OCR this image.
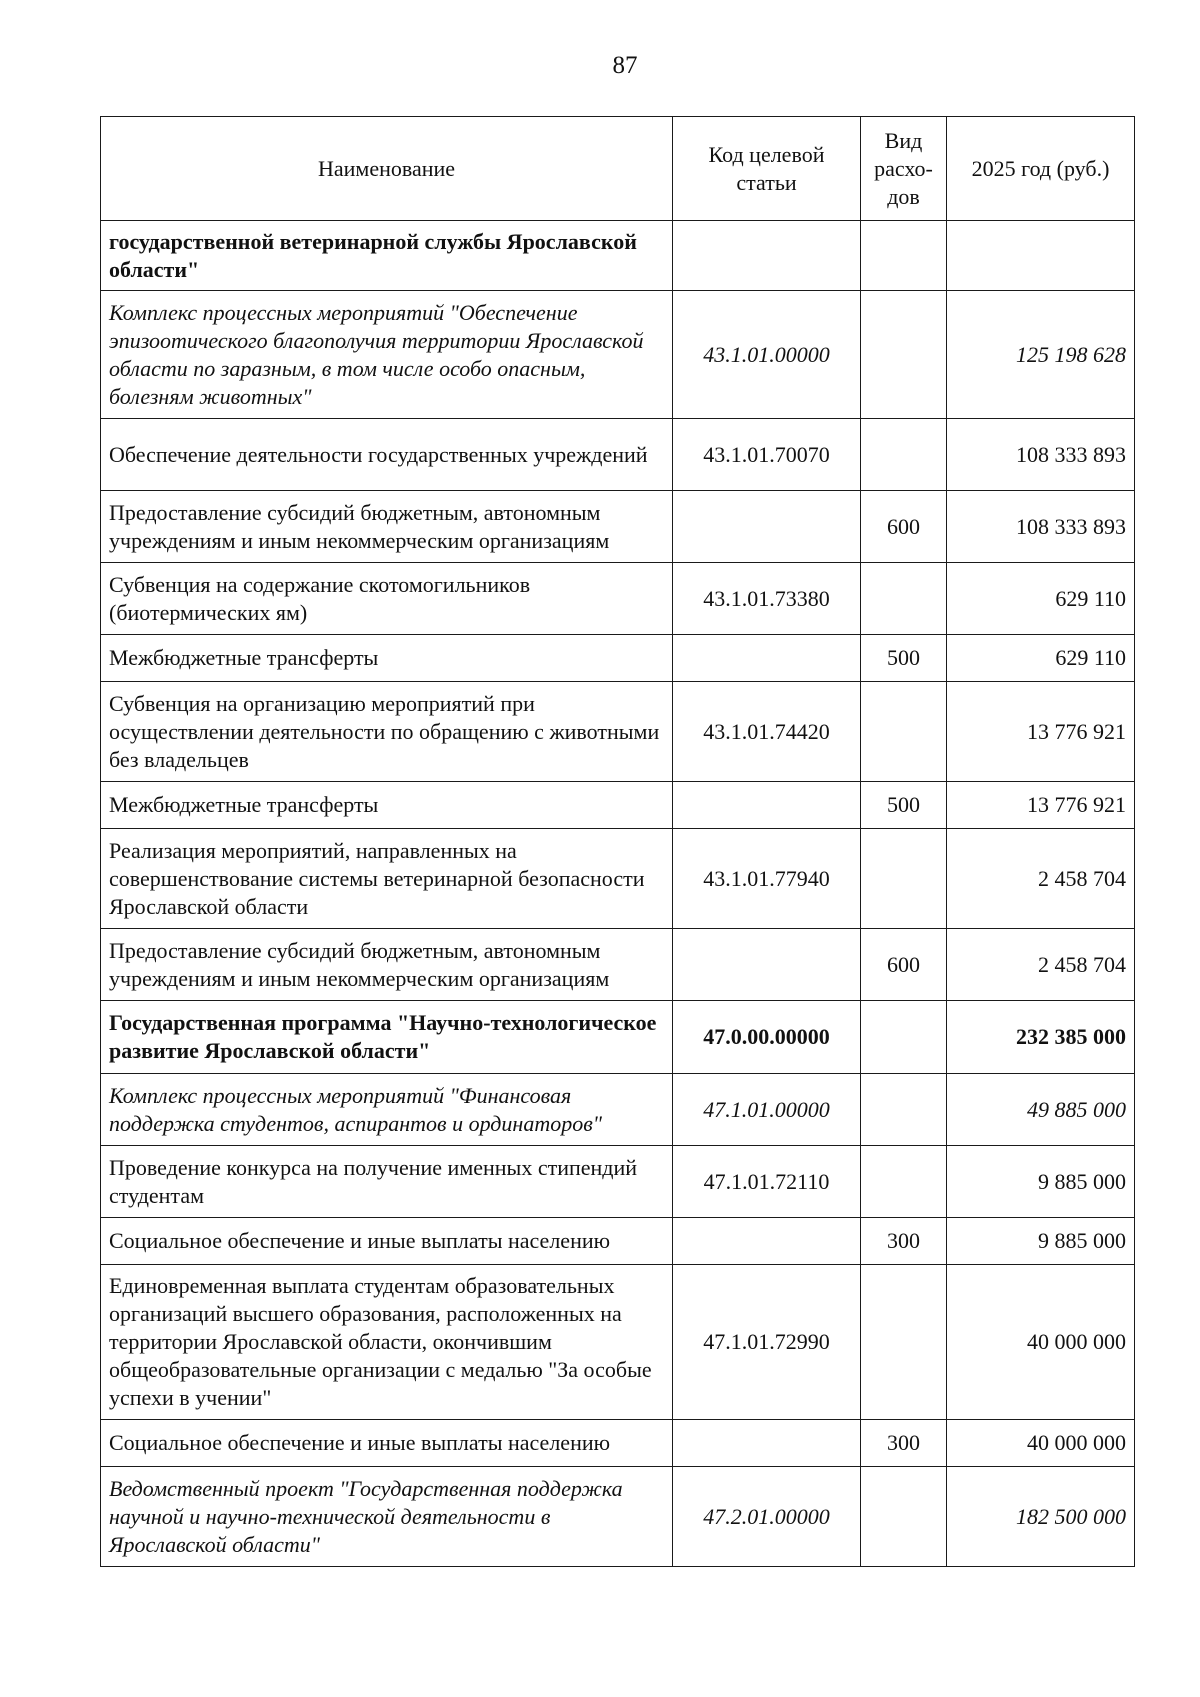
87
Наименование	Код целевой статьи	Вид расхо-дов	2025 год (руб.)
государственной ветеринарной службы Ярославской области"			
Комплекс процессных мероприятий "Обеспечение эпизоотического благополучия территории Ярославской области по заразным, в том числе особо опасным, болезням животных"	43.1.01.00000		125 198 628
Обеспечение деятельности государственных учреждений	43.1.01.70070		108 333 893
Предоставление субсидий бюджетным, автономным учреждениям и иным некоммерческим организациям		600	108 333 893
Субвенция на содержание скотомогильников (биотермических ям)	43.1.01.73380		629 110
Межбюджетные трансферты		500	629 110
Субвенция на организацию мероприятий при осуществлении деятельности по обращению с животными без владельцев	43.1.01.74420		13 776 921
Межбюджетные трансферты		500	13 776 921
Реализация мероприятий, направленных на совершенствование системы ветеринарной безопасности Ярославской области	43.1.01.77940		2 458 704
Предоставление субсидий бюджетным, автономным учреждениям и иным некоммерческим организациям		600	2 458 704
Государственная программа "Научно-технологическое развитие Ярославской области"	47.0.00.00000		232 385 000
Комплекс процессных мероприятий "Финансовая поддержка студентов, аспирантов и ординаторов"	47.1.01.00000		49 885 000
Проведение конкурса на получение именных стипендий студентам	47.1.01.72110		9 885 000
Социальное обеспечение и иные выплаты населению		300	9 885 000
Единовременная выплата студентам образовательных организаций высшего образования, расположенных на территории Ярославской области, окончившим общеобразовательные организации с медалью "За особые успехи в учении"	47.1.01.72990		40 000 000
Социальное обеспечение и иные выплаты населению		300	40 000 000
Ведомственный проект "Государственная поддержка научной и научно-технической деятельности в Ярославской области"	47.2.01.00000		182 500 000
